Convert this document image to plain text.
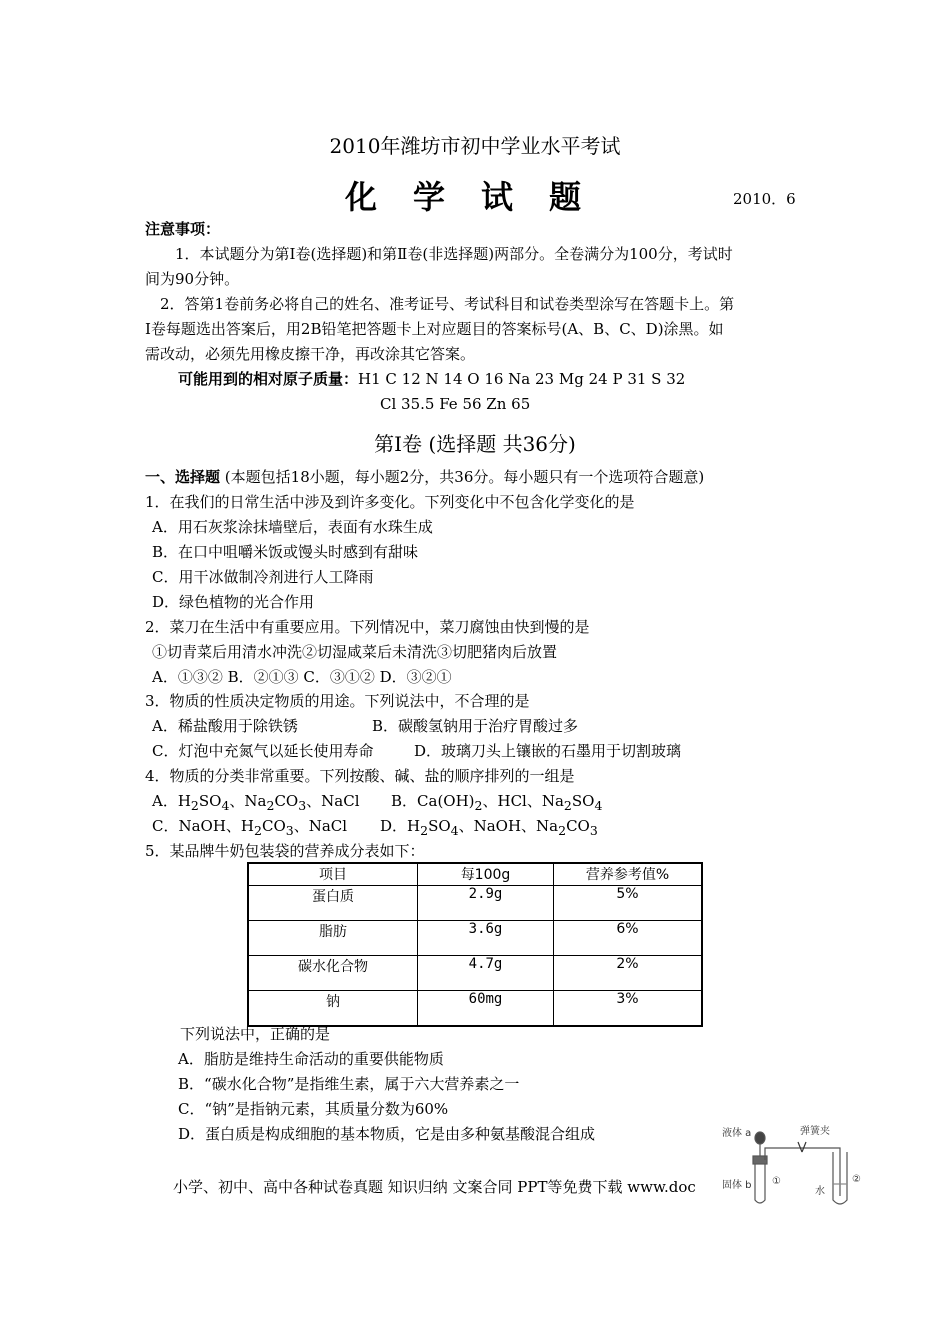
2010年潍坊市初中学业水平考试
化学试题	2010．6
注意事项：
1．本试题分为第Ⅰ卷(选择题)和第Ⅱ卷(非选择题)两部分。全卷满分为100分，考试时
间为90分钟。
2．答第1卷前务必将自己的姓名、准考证号、考试科目和试卷类型涂写在答题卡上。第
Ⅰ卷每题选出答案后，用2B铅笔把答题卡上对应题目的答案标号(A、B、C、D)涂黑。如
需改动，必须先用橡皮擦干净，再改涂其它答案。
可能用到的相对原子质量：H1 C 12 N 14 O 16 Na 23 Mg 24 P 31 S 32
Cl 35.5 Fe 56 Zn 65
第Ⅰ卷 (选择题 共36分)
一、选择题 (本题包括18小题，每小题2分，共36分。每小题只有一个选项符合题意)
1．在我们的日常生活中涉及到许多变化。下列变化中不包含化学变化的是
A．用石灰浆涂抹墙壁后，表面有水珠生成
B．在口中咀嚼米饭或馒头时感到有甜味
C．用干冰做制冷剂进行人工降雨
D．绿色植物的光合作用
2．菜刀在生活中有重要应用。下列情况中，菜刀腐蚀由快到慢的是
①切青菜后用清水冲洗②切湿咸菜后未清洗③切肥猪肉后放置
A．①③② B．②①③ C．③①② D．③②①
3．物质的性质决定物质的用途。下列说法中，不合理的是
A．稀盐酸用于除铁锈	B．碳酸氢钠用于治疗胃酸过多
C．灯泡中充氮气以延长使用寿命	D．玻璃刀头上镶嵌的石墨用于切割玻璃
4．物质的分类非常重要。下列按酸、碱、盐的顺序排列的一组是
A．$H_2SO_4$、$Na_2CO_3$、NaCl B．$Ca(OH)_2$、HCl、$Na_2SO_4$
C．NaOH、$H_2CO_3$、NaCl D．$H_2SO_4$、NaOH、$Na_2CO_3$
5．某品牌牛奶包装袋的营养成分表如下：
项目	每100g	营养参考值%
蛋白质	2.9g	5%
脂肪	3.6g	6%
碳水化合物	4.7g	2%
钠	60mg	3%
下列说法中，正确的是
A．脂肪是维持生命活动的重要供能物质
B．“碳水化合物”是指维生素，属于六大营养素之一
C．“钠”是指钠元素，其质量分数为60%
D．蛋白质是构成细胞的基本物质，它是由多种氨基酸混合组成
小学、初中、高中各种试卷真题 知识归纳 文案合同 PPT等免费下载 www.doc
液体 a	弹簧夹
固体 b
水
①	②
